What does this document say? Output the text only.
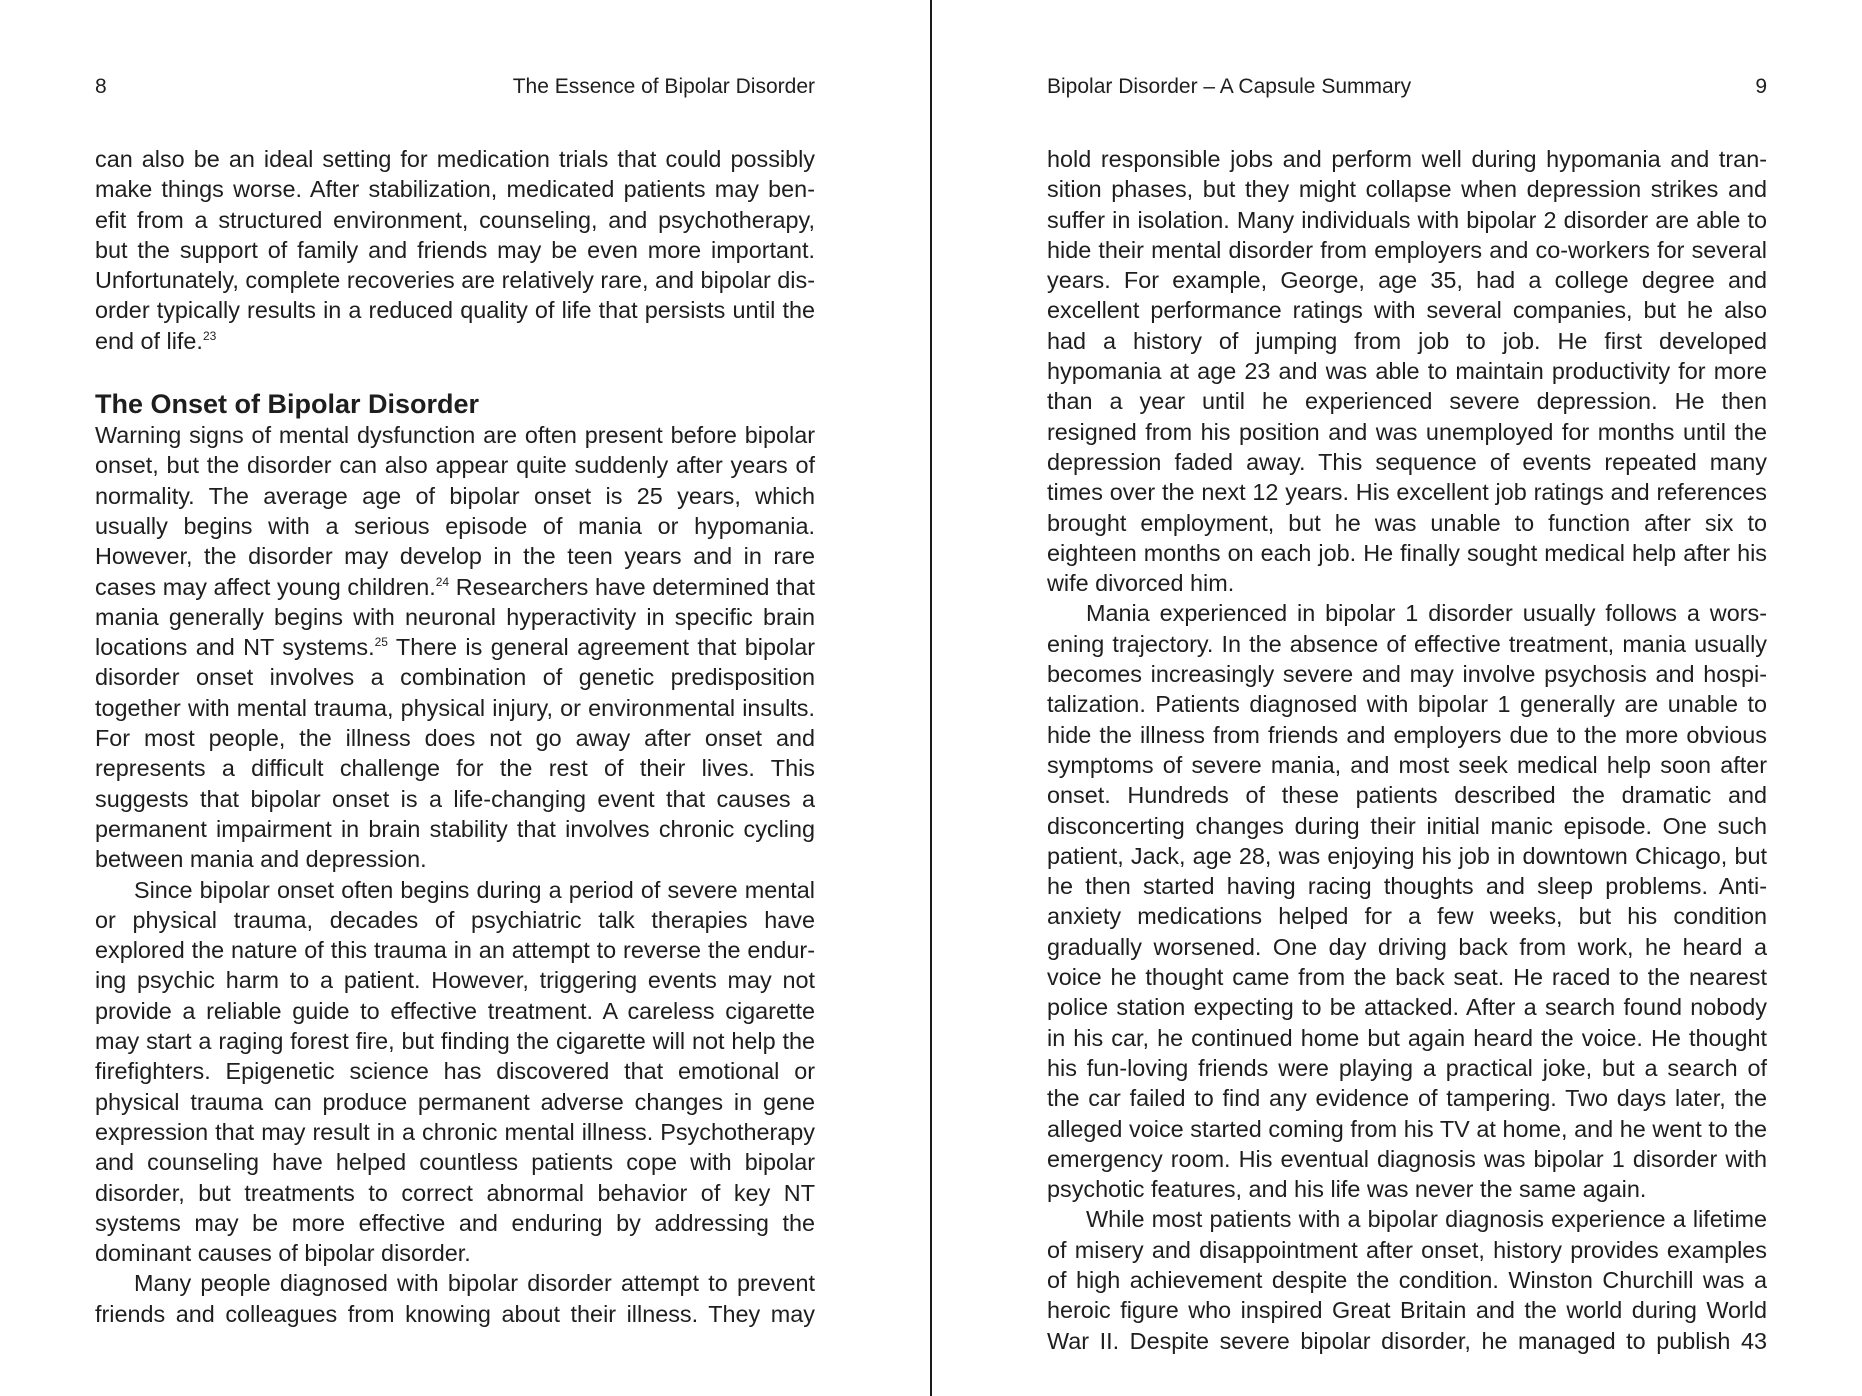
8	The Essence of Bipolar Disorder

can also be an ideal setting for medication trials that could possibly make things worse. After stabilization, medicated patients may benefit from a structured environment, counseling, and psychotherapy, but the support of family and friends may be even more important. Unfortunately, complete recoveries are relatively rare, and bipolar disorder typically results in a reduced quality of life that persists until the end of life.$^{23}$

The Onset of Bipolar Disorder

Warning signs of mental dysfunction are often present before bipolar onset, but the disorder can also appear quite suddenly after years of normality. The average age of bipolar onset is 25 years, which usually begins with a serious episode of mania or hypomania. However, the disorder may develop in the teen years and in rare cases may affect young children.$^{24}$ Researchers have determined that mania generally begins with neuronal hyperactivity in specific brain locations and NT systems.$^{25}$ There is general agreement that bipolar disorder onset involves a combination of genetic predisposition together with mental trauma, physical injury, or environmental insults. For most people, the illness does not go away after onset and represents a difficult challenge for the rest of their lives. This suggests that bipolar onset is a life-changing event that causes a permanent impairment in brain stability that involves chronic cycling between mania and depression.

Since bipolar onset often begins during a period of severe mental or physical trauma, decades of psychiatric talk therapies have explored the nature of this trauma in an attempt to reverse the enduring psychic harm to a patient. However, triggering events may not provide a reliable guide to effective treatment. A careless cigarette may start a raging forest fire, but finding the cigarette will not help the firefighters. Epigenetic science has discovered that emotional or physical trauma can produce permanent adverse changes in gene expression that may result in a chronic mental illness. Psychotherapy and counseling have helped countless patients cope with bipolar disorder, but treatments to correct abnormal behavior of key NT systems may be more effective and enduring by addressing the dominant causes of bipolar disorder.

Many people diagnosed with bipolar disorder attempt to prevent friends and colleagues from knowing about their illness. They may

Bipolar Disorder – A Capsule Summary	9

hold responsible jobs and perform well during hypomania and transition phases, but they might collapse when depression strikes and suffer in isolation. Many individuals with bipolar 2 disorder are able to hide their mental disorder from employers and co-workers for several years. For example, George, age 35, had a college degree and excellent performance ratings with several companies, but he also had a history of jumping from job to job. He first developed hypomania at age 23 and was able to maintain productivity for more than a year until he experienced severe depression. He then resigned from his position and was unemployed for months until the depression faded away. This sequence of events repeated many times over the next 12 years. His excellent job ratings and references brought employment, but he was unable to function after six to eighteen months on each job. He finally sought medical help after his wife divorced him.

Mania experienced in bipolar 1 disorder usually follows a worsening trajectory. In the absence of effective treatment, mania usually becomes increasingly severe and may involve psychosis and hospitalization. Patients diagnosed with bipolar 1 generally are unable to hide the illness from friends and employers due to the more obvious symptoms of severe mania, and most seek medical help soon after onset. Hundreds of these patients described the dramatic and disconcerting changes during their initial manic episode. One such patient, Jack, age 28, was enjoying his job in downtown Chicago, but he then started having racing thoughts and sleep problems. Anti-anxiety medications helped for a few weeks, but his condition gradually worsened. One day driving back from work, he heard a voice he thought came from the back seat. He raced to the nearest police station expecting to be attacked. After a search found nobody in his car, he continued home but again heard the voice. He thought his fun-loving friends were playing a practical joke, but a search of the car failed to find any evidence of tampering. Two days later, the alleged voice started coming from his TV at home, and he went to the emergency room. His eventual diagnosis was bipolar 1 disorder with psychotic features, and his life was never the same again.

While most patients with a bipolar diagnosis experience a lifetime of misery and disappointment after onset, history provides examples of high achievement despite the condition. Winston Churchill was a heroic figure who inspired Great Britain and the world during World War II. Despite severe bipolar disorder, he managed to publish 43
